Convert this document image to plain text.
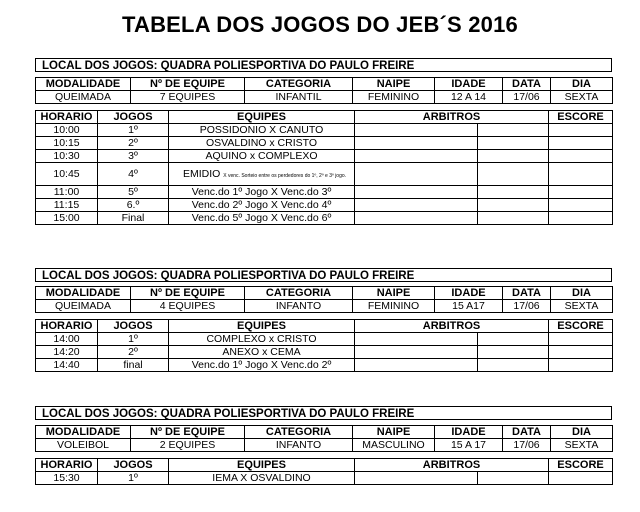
TABELA DOS JOGOS DO JEB´S 2016
LOCAL DOS JOGOS: QUADRA POLIESPORTIVA DO PAULO FREIRE
MODALIDADE	Nº DE EQUIPE	CATEGORIA	NAIPE	IDADE	DATA	DIA
QUEIMADA	7 EQUIPES	INFANTIL	FEMININO	12 A 14	17/06	SEXTA
HORARIO	JOGOS	EQUIPES	ARBITROS		ESCORE
10:00	1º	POSSIDONIO X CANUTO			
10:15	2º	OSVALDINO x CRISTO			
10:30	3º	AQUINO x COMPLEXO			
10:45	4º	EMIDIO X venc. Sorteio entre os perdedores do 1º, 2º e 3º jogo.			
11:00	5º	Venc.do 1º Jogo X Venc.do 3º			
11:15	6.º	Venc.do 2º Jogo X Venc.do 4º			
15:00	Final	Venc.do 5º Jogo X Venc.do 6º			
LOCAL DOS JOGOS: QUADRA POLIESPORTIVA DO PAULO FREIRE
MODALIDADE	Nº DE EQUIPE	CATEGORIA	NAIPE	IDADE	DATA	DIA
QUEIMADA	4 EQUIPES	INFANTO	FEMININO	15 A17	17/06	SEXTA
HORARIO	JOGOS	EQUIPES	ARBITROS		ESCORE
14:00	1º	COMPLEXO x CRISTO			
14:20	2º	ANEXO x CEMA			
14:40	final	Venc.do 1º Jogo X Venc.do 2º			
LOCAL DOS JOGOS: QUADRA POLIESPORTIVA DO PAULO FREIRE
MODALIDADE	Nº DE EQUIPE	CATEGORIA	NAIPE	IDADE	DATA	DIA
VOLEIBOL	2 EQUIPES	INFANTO	MASCULINO	15 A 17	17/06	SEXTA
HORARIO	JOGOS	EQUIPES	ARBITROS		ESCORE
15:30	1º	IEMA X OSVALDINO			
